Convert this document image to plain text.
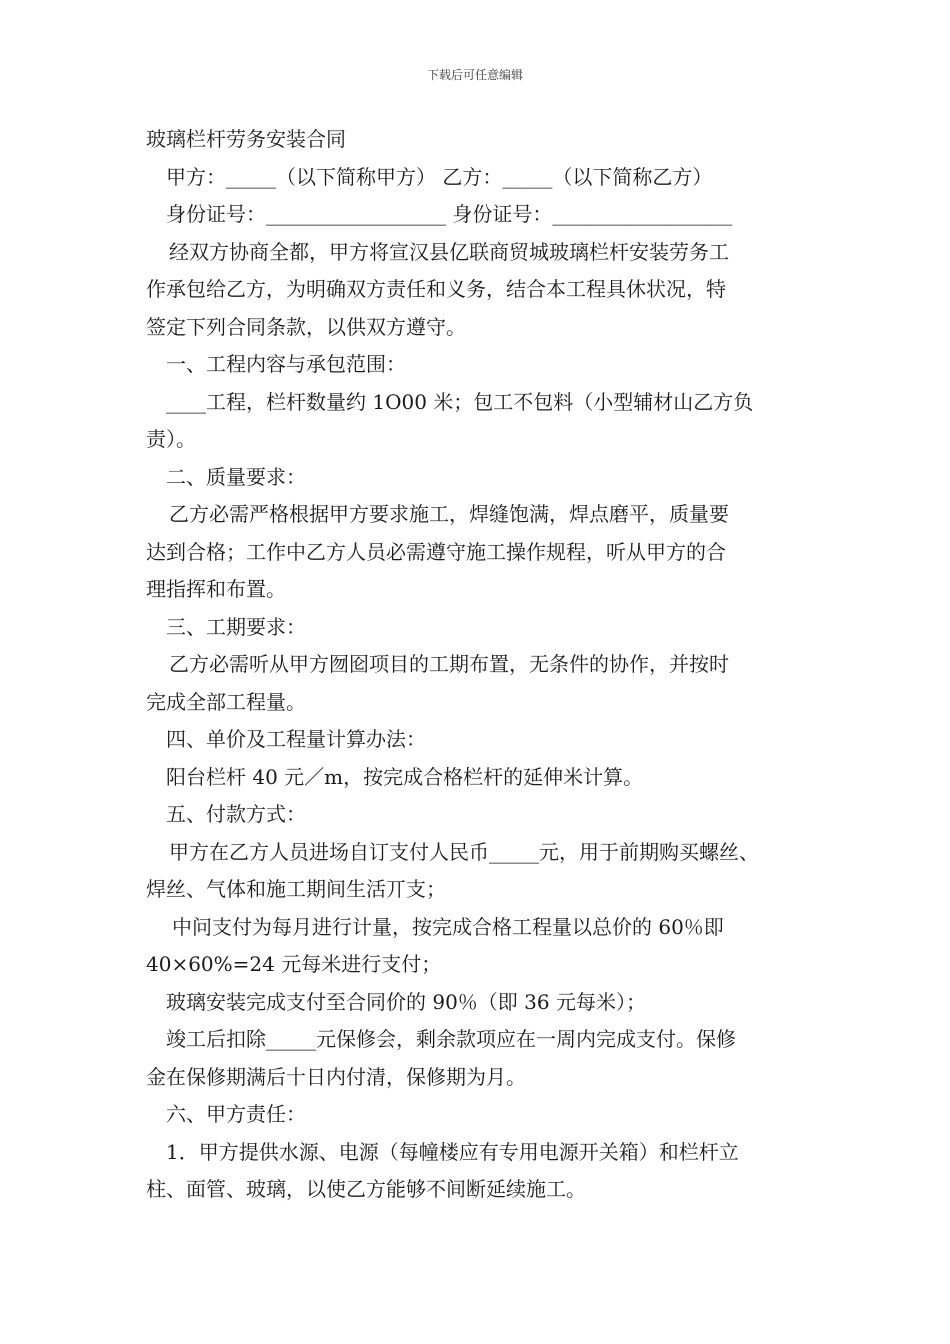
下载后可任意编辑
玻璃栏杆劳务安装合同
甲方：_____（以下简称甲方） 乙方：_____（以下简称乙方）
身份证号：__________________ 身份证号：__________________
经双方协商全都，甲方将宣汉县亿联商贸城玻璃栏杆安装劳务工
作承包给乙方，为明确双方责任和义务，结合本工程具休状况，特
签定下列合同条款，以供双方遵守。
一、工程内容与承包范围：
____工程，栏杆数量约 1O00 米；包工不包料（小型辅材山乙方负
责）。
二、质量要求：
乙方必需严格根据甲方要求施工，焊缝饱满，焊点磨平，质量要
达到合格；工作中乙方人员必需遵守施工操作规程，听从甲方的合
理指挥和布置。
三、工期要求：
乙方必需听从甲方囫囵项目的工期布置，无条件的协作，并按时
完成全部工程量。
四、单价及工程量计算办法：
阳台栏杆 40 元／m，按完成合格栏杆的延伸米计算。
五、付款方式：
甲方在乙方人员进场自订支付人民币_____元，用于前期购买螺丝、
焊丝、气体和施工期间生活丌支；
中问支付为每月进行计量，按完成合格工程量以总价的 60％即
40×60%=24 元每米进行支付；
玻璃安装完成支付至合同价的 90％（即 36 元每米）；
竣工后扣除_____元保修会，剩余款项应在一周内完成支付。保修
金在保修期满后十日内付清，保修期为月。
六、甲方责任：
1．甲方提供水源、电源（每幢楼应有专用电源开关箱）和栏杆立
柱、面管、玻璃，以使乙方能够不间断延续施工。
